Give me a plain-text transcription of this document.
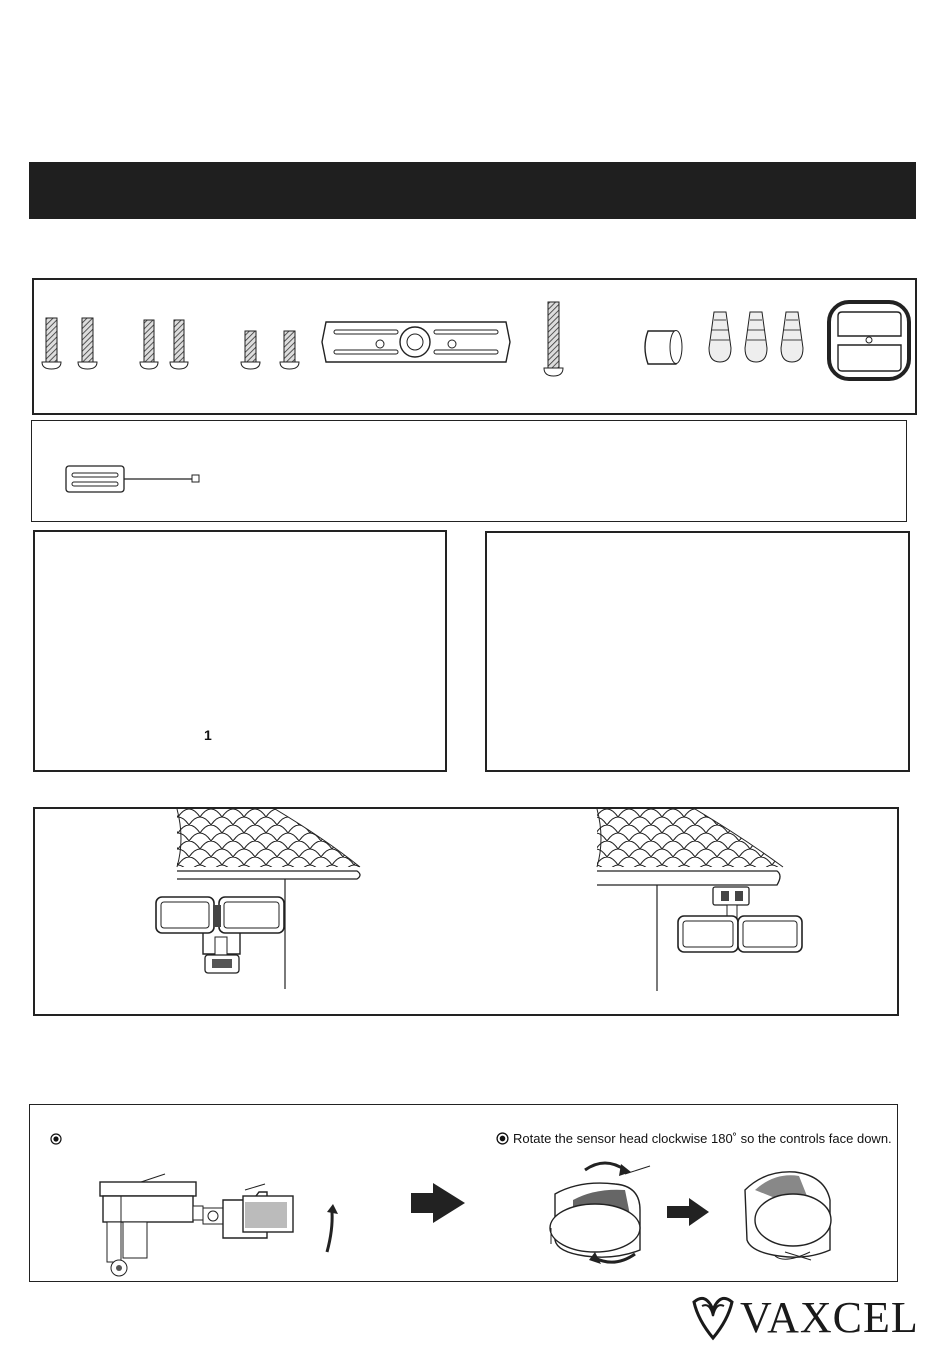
1
Rotate the sensor head clockwise 180˚ so the controls face down.
VAXCEL
